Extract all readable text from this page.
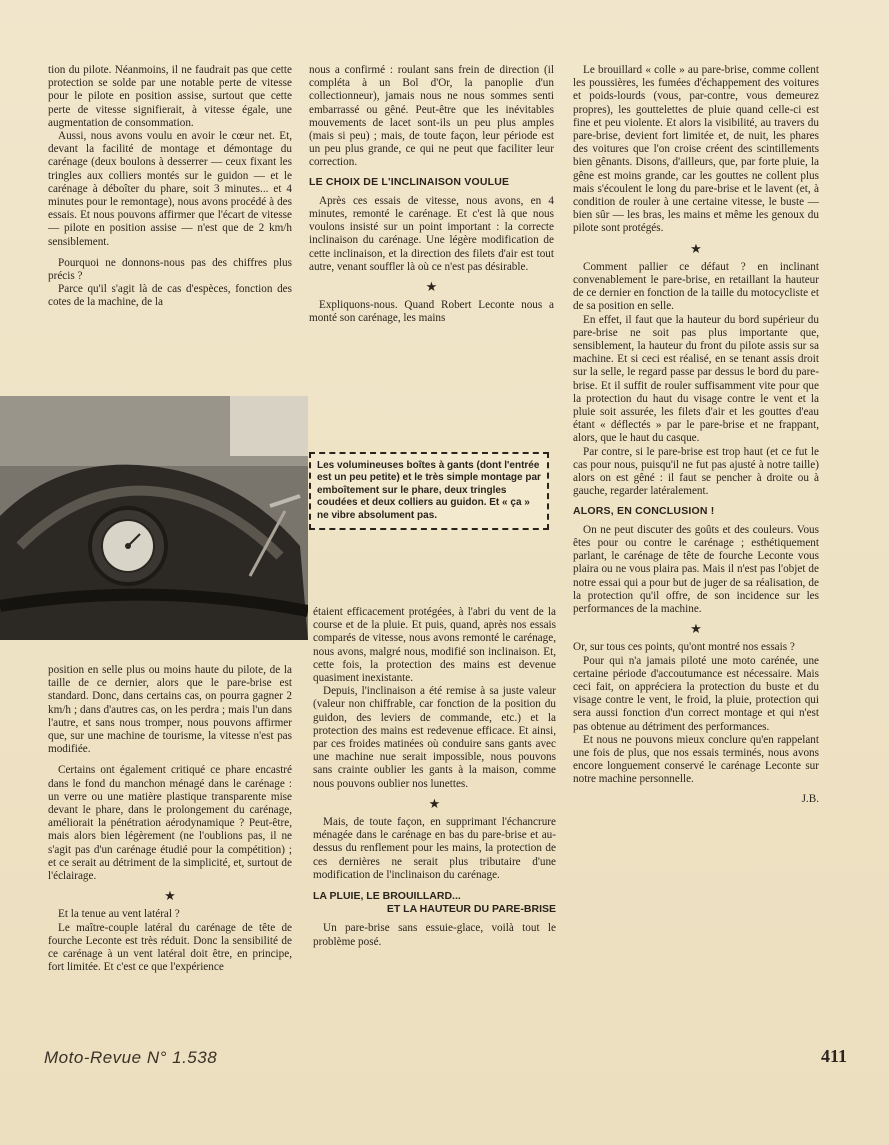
tion du pilote. Néanmoins, il ne faudrait pas que cette protection se solde par une notable perte de vitesse pour le pilote en position assise, surtout que cette perte de vitesse signifierait, à vitesse égale, une augmentation de consommation.

Aussi, nous avons voulu en avoir le cœur net. Et, devant la facilité de montage et démontage du carénage (deux boulons à desserrer — ceux fixant les tringles aux colliers montés sur le guidon — et le carénage à déboîter du phare, soit 3 minutes... et 4 minutes pour le remontage), nous avons procédé à des essais. Et nous pouvons affirmer que l'écart de vitesse — pilote en position assise — n'est que de 2 km/h sensiblement.

Pourquoi ne donnons-nous pas des chiffres plus précis ?

Parce qu'il s'agit là de cas d'espèces, fonction des cotes de la machine, de la

position en selle plus ou moins haute du pilote, de la taille de ce dernier, alors que le pare-brise est standard. Donc, dans certains cas, on pourra gagner 2 km/h ; dans d'autres cas, on les perdra ; mais l'un dans l'autre, et sans nous tromper, nous pouvons affirmer que, sur une machine de tourisme, la vitesse n'est pas modifiée.

Certains ont également critiqué ce phare encastré dans le fond du manchon ménagé dans le carénage : un verre ou une matière plastique transparente mise devant le phare, dans le prolongement du carénage, améliorait la pénétration aérodynamique ? Peut-être, mais alors bien légèrement (ne l'oublions pas, il ne s'agit pas d'un carénage étudié pour la compétition) ; et ce serait au détriment de la simplicité, et, surtout de l'éclairage.

★

Et la tenue au vent latéral ?

Le maître-couple latéral du carénage de tête de fourche Leconte est très réduit. Donc la sensibilité de ce carénage à un vent latéral doit être, en principe, fort limitée. Et c'est ce que l'expérience

nous a confirmé : roulant sans frein de direction (il compléta à un Bol d'Or, la panoplie d'un collectionneur), jamais nous ne nous sommes senti embarrassé ou gêné. Peut-être que les inévitables mouvements de lacet sont-ils un peu plus amples (mais si peu) ; mais, de toute façon, leur période est un peu plus grande, ce qui ne peut que faciliter leur correction.

LE CHOIX DE L'INCLINAISON VOULUE

Après ces essais de vitesse, nous avons, en 4 minutes, remonté le carénage. Et c'est là que nous voulons insisté sur un point important : la correcte inclinaison du carénage. Une légère modification de cette inclinaison, et la direction des filets d'air est tout autre, venant souffler là où ce n'est pas désirable.

★

Expliquons-nous. Quand Robert Leconte nous a monté son carénage, les mains

Les volumineuses boîtes à gants (dont l'entrée est un peu petite) et le très simple montage par emboîtement sur le phare, deux tringles coudées et deux colliers au guidon. Et « ça » ne vibre absolument pas.

étaient efficacement protégées, à l'abri du vent de la course et de la pluie. Et puis, quand, après nos essais comparés de vitesse, nous avons remonté le carénage, nous avons, malgré nous, modifié son inclinaison. Et, cette fois, la protection des mains est devenue quasiment inexistante.

Depuis, l'inclinaison a été remise à sa juste valeur (valeur non chiffrable, car fonction de la position du guidon, des leviers de commande, etc.) et la protection des mains est redevenue efficace. Et ainsi, par ces froides matinées où conduire sans gants avec une machine nue serait impossible, nous pouvons sans crainte oublier les gants à la maison, comme nous pouvons oublier nos lunettes.

★

Mais, de toute façon, en supprimant l'échancrure ménagée dans le carénage en bas du pare-brise et au-dessus du renflement pour les mains, la protection de ces dernières ne serait plus tributaire d'une modification de l'inclinaison du carénage.

LA PLUIE, LE BROUILLARD...
ET LA HAUTEUR DU PARE-BRISE

Un pare-brise sans essuie-glace, voilà tout le problème posé.

Le brouillard « colle » au pare-brise, comme collent les poussières, les fumées d'échappement des voitures et poids-lourds (vous, par-contre, vous demeurez propres), les gouttelettes de pluie quand celle-ci est fine et peu violente. Et alors la visibilité, au travers du pare-brise, devient fort limitée et, de nuit, les phares des voitures que l'on croise créent des scintillements bien gênants. Disons, d'ailleurs, que, par forte pluie, la gêne est moins grande, car les gouttes ne collent plus mais s'écoulent le long du pare-brise et le lavent (et, à condition de rouler à une certaine vitesse, le buste — bien sûr — les bras, les mains et même les genoux du pilote sont protégés.

★

Comment pallier ce défaut ? en inclinant convenablement le pare-brise, en retaillant la hauteur de ce dernier en fonction de la taille du motocycliste et de sa position en selle.

En effet, il faut que la hauteur du bord supérieur du pare-brise ne soit pas plus importante que, sensiblement, la hauteur du front du pilote assis sur sa machine. Et si ceci est réalisé, en se tenant assis droit sur la selle, le regard passe par dessus le bord du pare-brise. Et il suffit de rouler suffisamment vite pour que la protection du haut du visage contre le vent et la pluie soit assurée, les filets d'air et les gouttes d'eau étant « déflectés » par le pare-brise et ne frappant, alors, que le haut du casque.

Par contre, si le pare-brise est trop haut (et ce fut le cas pour nous, puisqu'il ne fut pas ajusté à notre taille) alors on est gêné : il faut se pencher à droite ou à gauche, regarder latéralement.

ALORS, EN CONCLUSION !

On ne peut discuter des goûts et des couleurs. Vous êtes pour ou contre le carénage ; esthétiquement parlant, le carénage de tête de fourche Leconte vous plaira ou ne vous plaira pas. Mais il n'est pas l'objet de notre essai qui a pour but de juger de sa réalisation, de la protection qu'il offre, de son incidence sur les performances de la machine.

★

Or, sur tous ces points, qu'ont montré nos essais ?

Pour qui n'a jamais piloté une moto carénée, une certaine période d'accoutumance est nécessaire. Mais ceci fait, on appréciera la protection du buste et du visage contre le vent, le froid, la pluie, protection qui sera aussi fonction d'un correct montage et qui n'est pas obtenue au détriment des performances.

Et nous ne pouvons mieux conclure qu'en rappelant une fois de plus, que nos essais terminés, nous avons encore longuement conservé le carénage Leconte sur notre machine personnelle.

J.B.
Moto-Revue N° 1.538	411
